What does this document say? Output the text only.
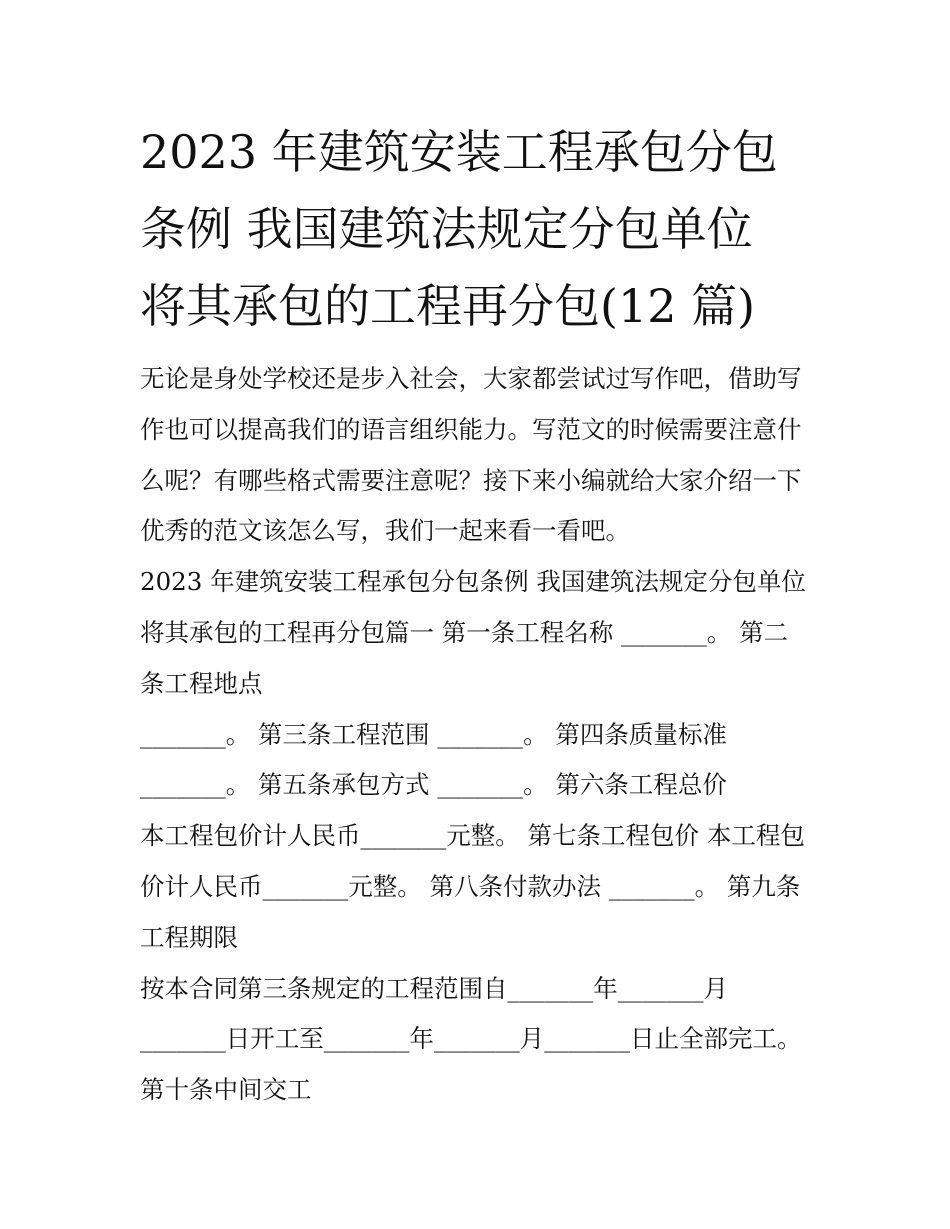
2023 年建筑安装工程承包分包
条例 我国建筑法规定分包单位
将其承包的工程再分包(12 篇)
无论是身处学校还是步入社会，大家都尝试过写作吧，借助写
作也可以提高我们的语言组织能力。写范文的时候需要注意什
么呢？有哪些格式需要注意呢？接下来小编就给大家介绍一下
优秀的范文该怎么写，我们一起来看一看吧。
2023 年建筑安装工程承包分包条例 我国建筑法规定分包单位
将其承包的工程再分包篇一 第一条工程名称 _______。 第二
条工程地点
_______。 第三条工程范围 _______。 第四条质量标准
_______。 第五条承包方式 _______。 第六条工程总价
本工程包价计人民币_______元整。 第七条工程包价 本工程包
价计人民币_______元整。 第八条付款办法 _______。 第九条
工程期限
按本合同第三条规定的工程范围自_______年_______月
_______日开工至_______年_______月_______日止全部完工。
第十条中间交工
